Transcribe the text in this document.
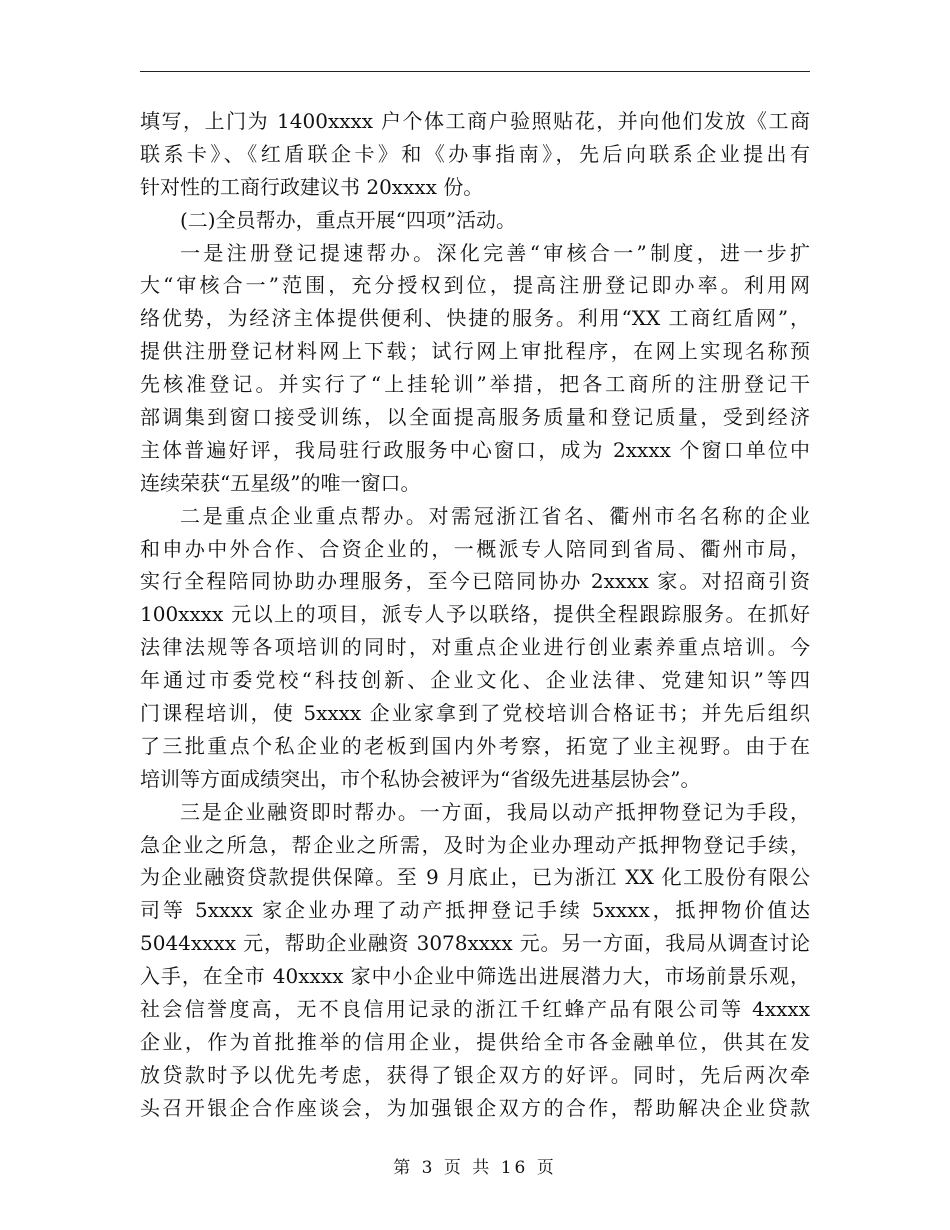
填写，上门为 1400xxxx 户个体工商户验照贴花，并向他们发放《工商
联系卡》、《红盾联企卡》和《办事指南》，先后向联系企业提出有
针对性的工商行政建议书 20xxxx 份。
(二)全员帮办，重点开展“四项”活动。
一是注册登记提速帮办。深化完善“审核合一”制度，进一步扩
大“审核合一”范围，充分授权到位，提高注册登记即办率。利用网
络优势，为经济主体提供便利、快捷的服务。利用“XX 工商红盾网”，
提供注册登记材料网上下载；试行网上审批程序，在网上实现名称预
先核准登记。并实行了“上挂轮训”举措，把各工商所的注册登记干
部调集到窗口接受训练，以全面提高服务质量和登记质量，受到经济
主体普遍好评，我局驻行政服务中心窗口，成为 2xxxx 个窗口单位中
连续荣获“五星级”的唯一窗口。
二是重点企业重点帮办。对需冠浙江省名、衢州市名名称的企业
和申办中外合作、合资企业的，一概派专人陪同到省局、衢州市局，
实行全程陪同协助办理服务，至今已陪同协办 2xxxx 家。对招商引资
100xxxx 元以上的项目，派专人予以联络，提供全程跟踪服务。在抓好
法律法规等各项培训的同时，对重点企业进行创业素养重点培训。今
年通过市委党校“科技创新、企业文化、企业法律、党建知识”等四
门课程培训，使 5xxxx 企业家拿到了党校培训合格证书；并先后组织
了三批重点个私企业的老板到国内外考察，拓宽了业主视野。由于在
培训等方面成绩突出，市个私协会被评为“省级先进基层协会”。
三是企业融资即时帮办。一方面，我局以动产抵押物登记为手段，
急企业之所急，帮企业之所需，及时为企业办理动产抵押物登记手续，
为企业融资贷款提供保障。至 9 月底止，已为浙江 XX 化工股份有限公
司等 5xxxx 家企业办理了动产抵押登记手续 5xxxx，抵押物价值达
5044xxxx 元，帮助企业融资 3078xxxx 元。另一方面，我局从调查讨论
入手，在全市 40xxxx 家中小企业中筛选出进展潜力大，市场前景乐观，
社会信誉度高，无不良信用记录的浙江千红蜂产品有限公司等 4xxxx
企业，作为首批推举的信用企业，提供给全市各金融单位，供其在发
放贷款时予以优先考虑，获得了银企双方的好评。同时，先后两次牵
头召开银企合作座谈会，为加强银企双方的合作，帮助解决企业贷款
第 3 页 共 16 页
